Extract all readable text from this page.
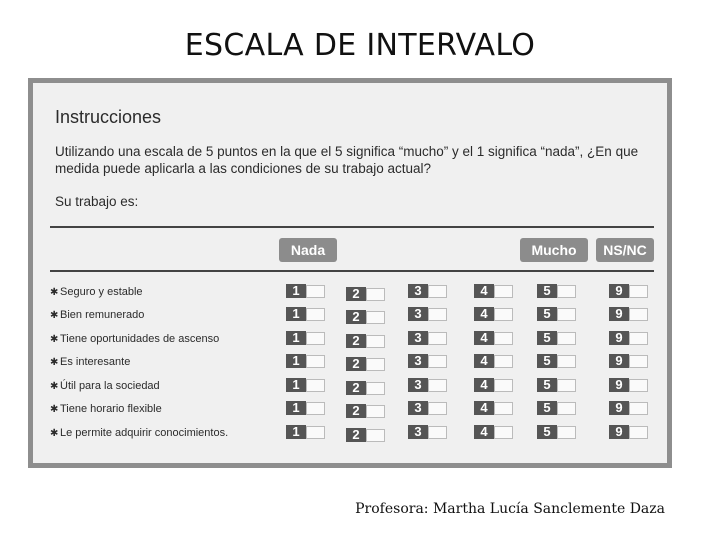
ESCALA DE INTERVALO
Instrucciones
Utilizando una escala de 5 puntos en la que el 5 significa “mucho” y el 1 significa “nada”, ¿En que medida puede aplicarla a las condiciones de su trabajo actual?
Su trabajo es:
Nada	Mucho	NS/NC
✱ Seguro y estable	1	2	3	4	5	9
✱ Bien remunerado	1	2	3	4	5	9
✱ Tiene oportunidades de ascenso	1	2	3	4	5	9
✱ Es interesante	1	2	3	4	5	9
✱ Útil para la sociedad	1	2	3	4	5	9
✱ Tiene horario flexible	1	2	3	4	5	9
✱ Le permite adquirir conocimientos.	1	2	3	4	5	9
Profesora: Martha Lucía Sanclemente Daza
